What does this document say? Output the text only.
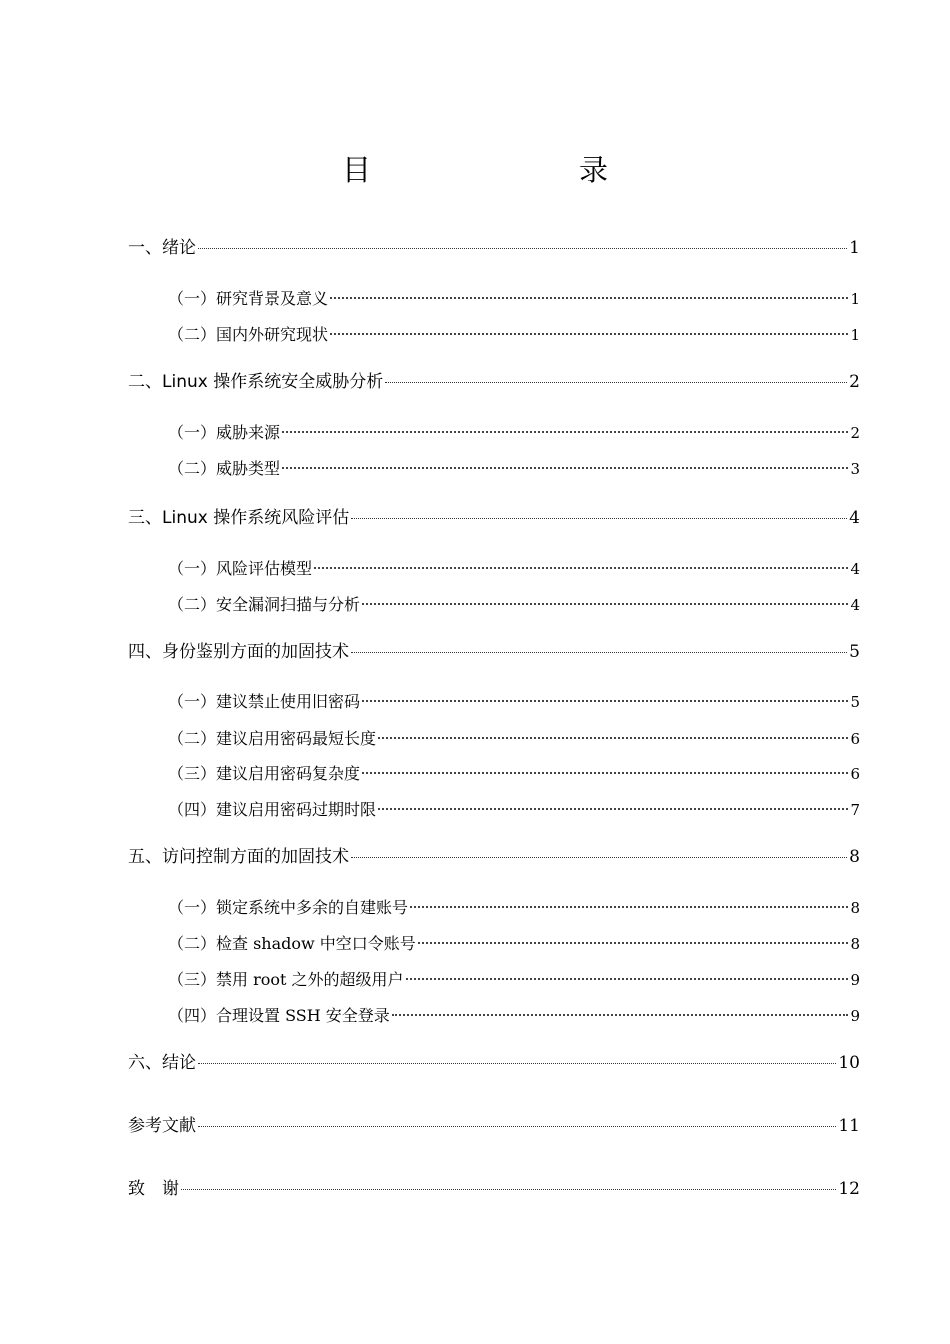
目　　录
一、绪论	1
（一）研究背景及意义	1
（二）国内外研究现状	1
二、Linux 操作系统安全威胁分析	2
（一）威胁来源	2
（二）威胁类型	3
三、Linux 操作系统风险评估	4
（一）风险评估模型	4
（二）安全漏洞扫描与分析	4
四、身份鉴别方面的加固技术	5
（一）建议禁止使用旧密码	5
（二）建议启用密码最短长度	6
（三）建议启用密码复杂度	6
（四）建议启用密码过期时限	7
五、访问控制方面的加固技术	8
（一）锁定系统中多余的自建账号	8
（二）检查 shadow 中空口令账号	8
（三）禁用 root 之外的超级用户	9
（四）合理设置 SSH 安全登录	9
六、结论	10
参考文献	11
致　谢	12
